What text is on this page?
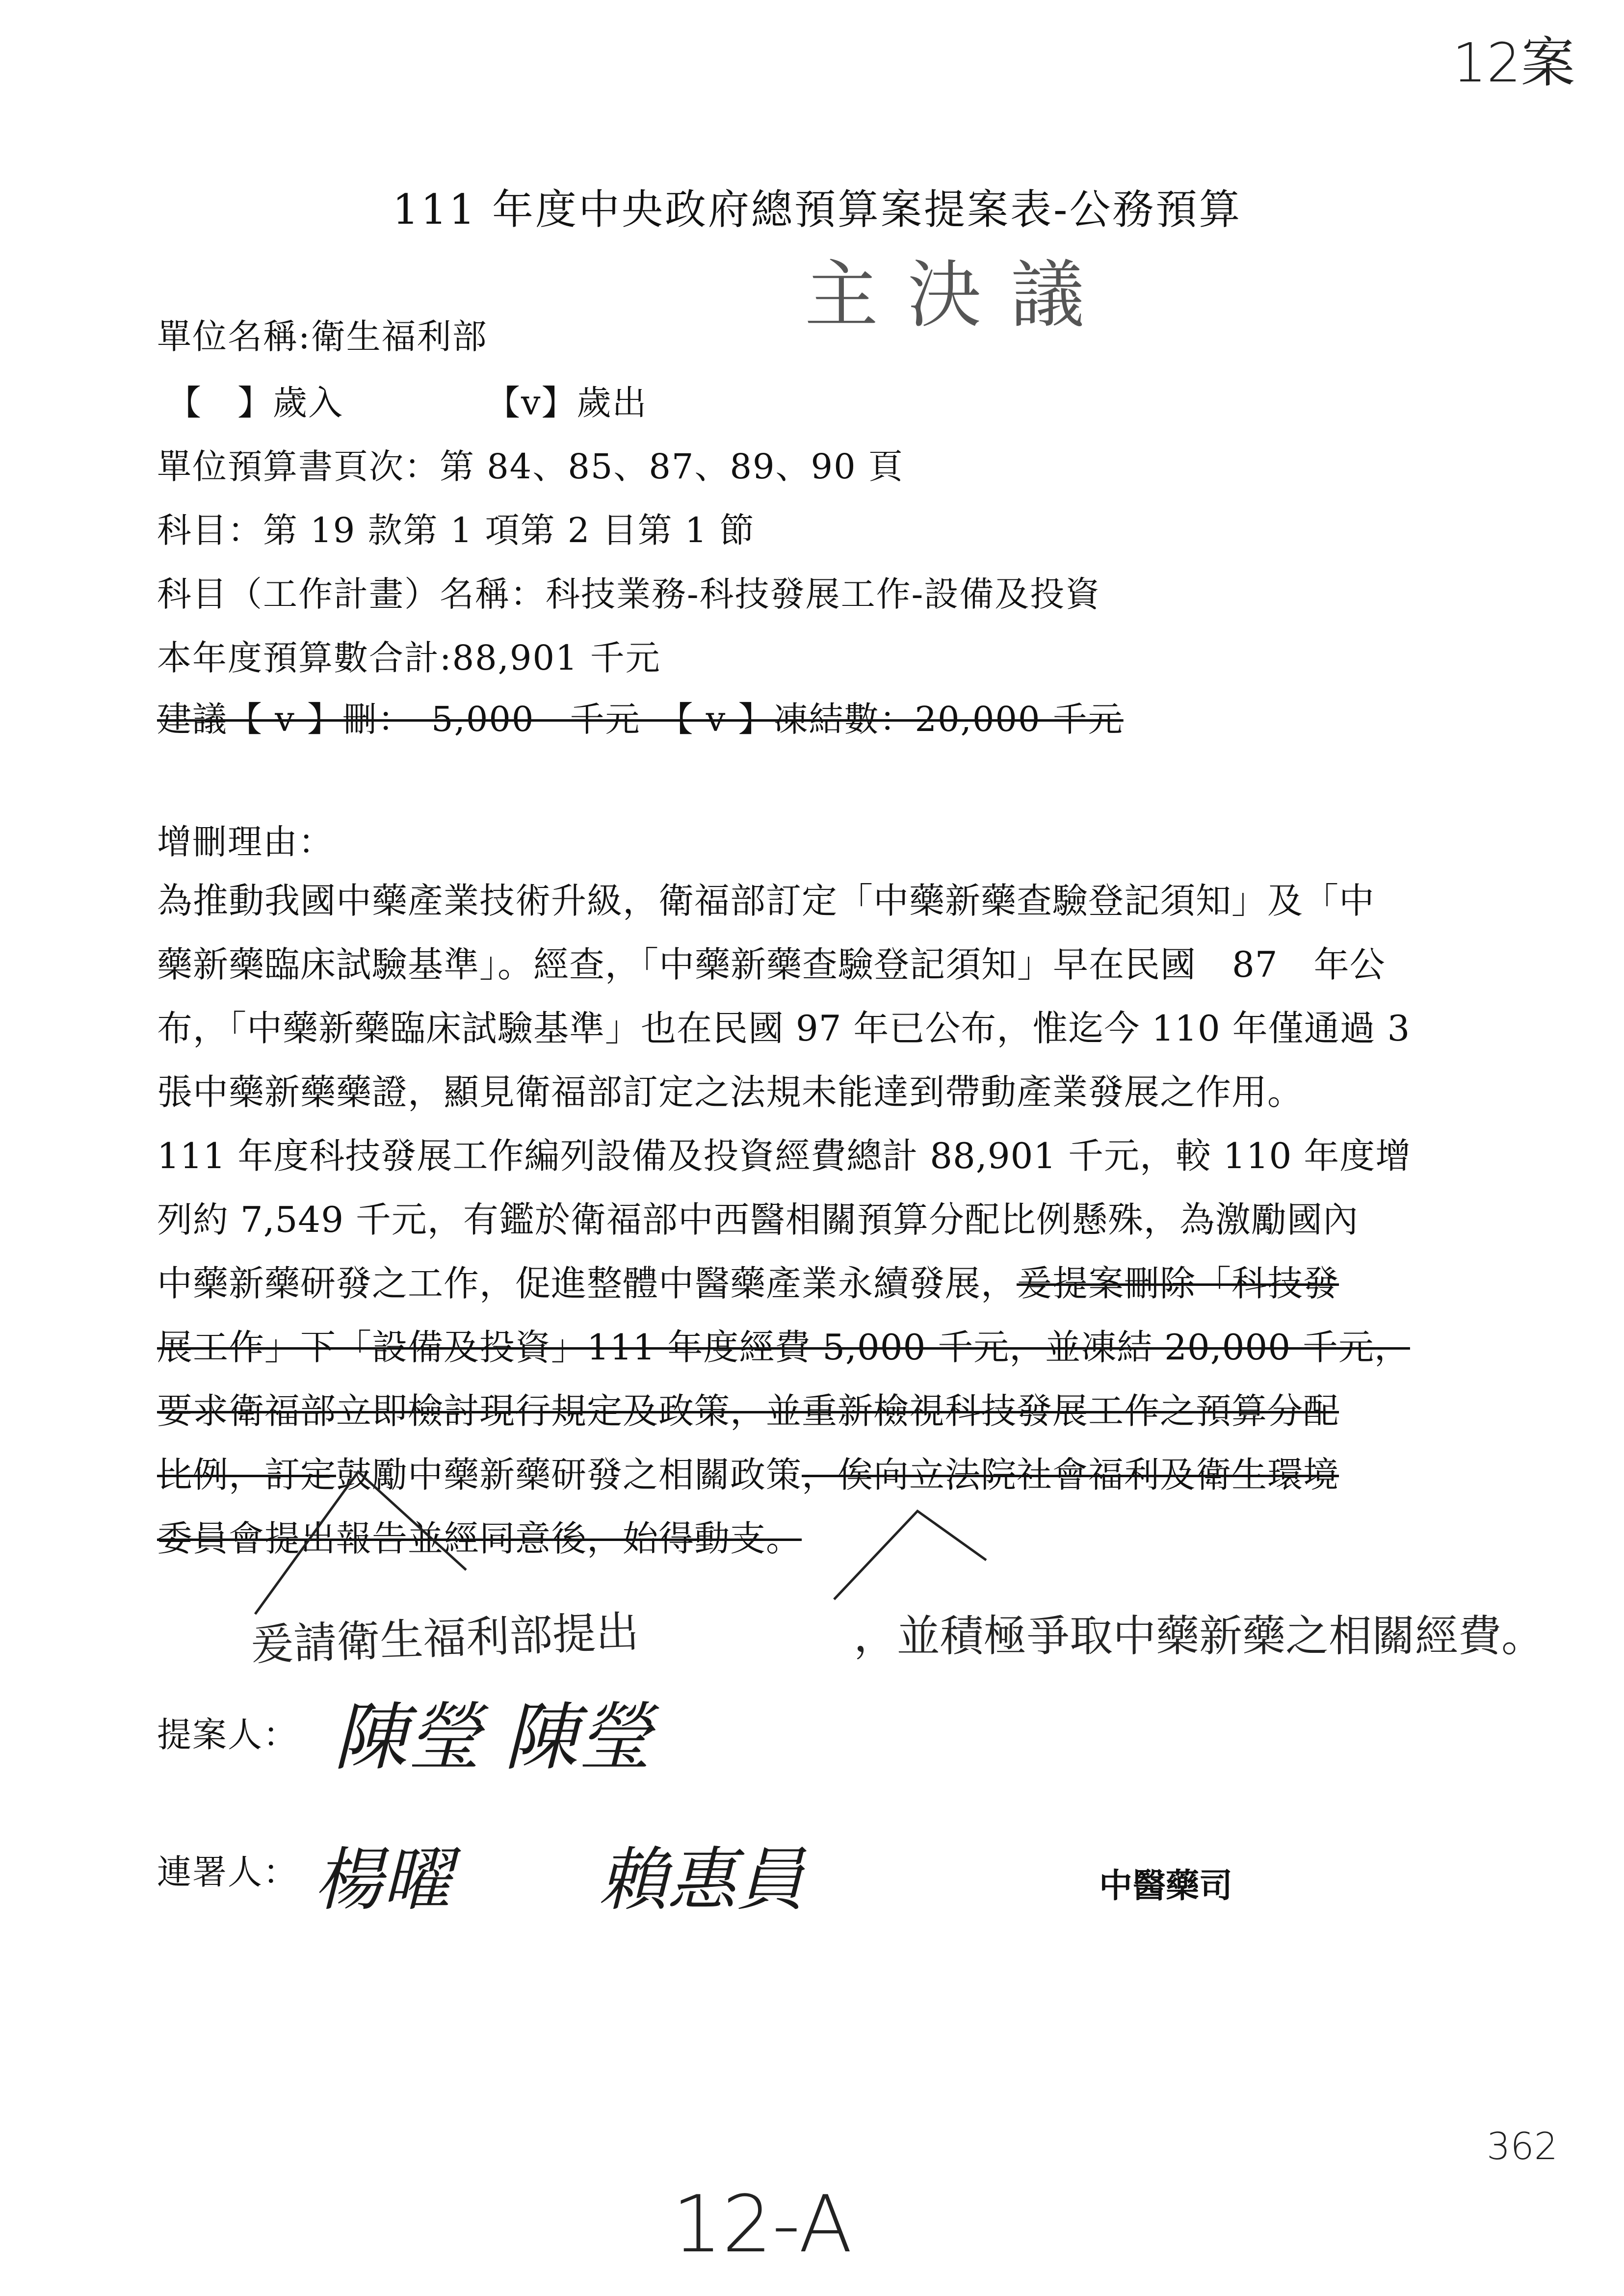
12案
111 年度中央政府總預算案提案表-公務預算
主決議
單位名稱:衛生福利部
【　】歲入	【v】歲出
單位預算書頁次：第 84、85、87、89、90 頁
科目：第 19 款第 1 項第 2 目第 1 節
科目（工作計畫）名稱：科技業務-科技發展工作-設備及投資
本年度預算數合計:88,901 千元
建議【 v 】刪：　5,000　千元　【 v 】凍結數：20,000 千元
增刪理由：
為推動我國中藥產業技術升級，衛福部訂定「中藥新藥查驗登記須知」及「中
藥新藥臨床試驗基準」。經查，「中藥新藥查驗登記須知」早在民國　87　年公
布，「中藥新藥臨床試驗基準」也在民國 97 年已公布，惟迄今 110 年僅通過 3
張中藥新藥藥證，顯見衛福部訂定之法規未能達到帶動產業發展之作用。
111 年度科技發展工作編列設備及投資經費總計 88,901 千元，較 110 年度增
列約 7,549 千元，有鑑於衛福部中西醫相關預算分配比例懸殊，為激勵國內
中藥新藥研發之工作，促進整體中醫藥產業永續發展，爰提案刪除「科技發
展工作」下「設備及投資」111 年度經費 5,000 千元，並凍結 20,000 千元，
要求衛福部立即檢討現行規定及政策，並重新檢視科技發展工作之預算分配
比例，訂定鼓勵中藥新藥研發之相關政策，俟向立法院社會福利及衛生環境
委員會提出報告並經同意後，始得動支。
爰請衛生福利部提出	，並積極爭取中藥新藥之相關經費。
提案人： 陳瑩 陳瑩
連署人： 楊曜 賴惠員	中醫藥司
362
12-A
